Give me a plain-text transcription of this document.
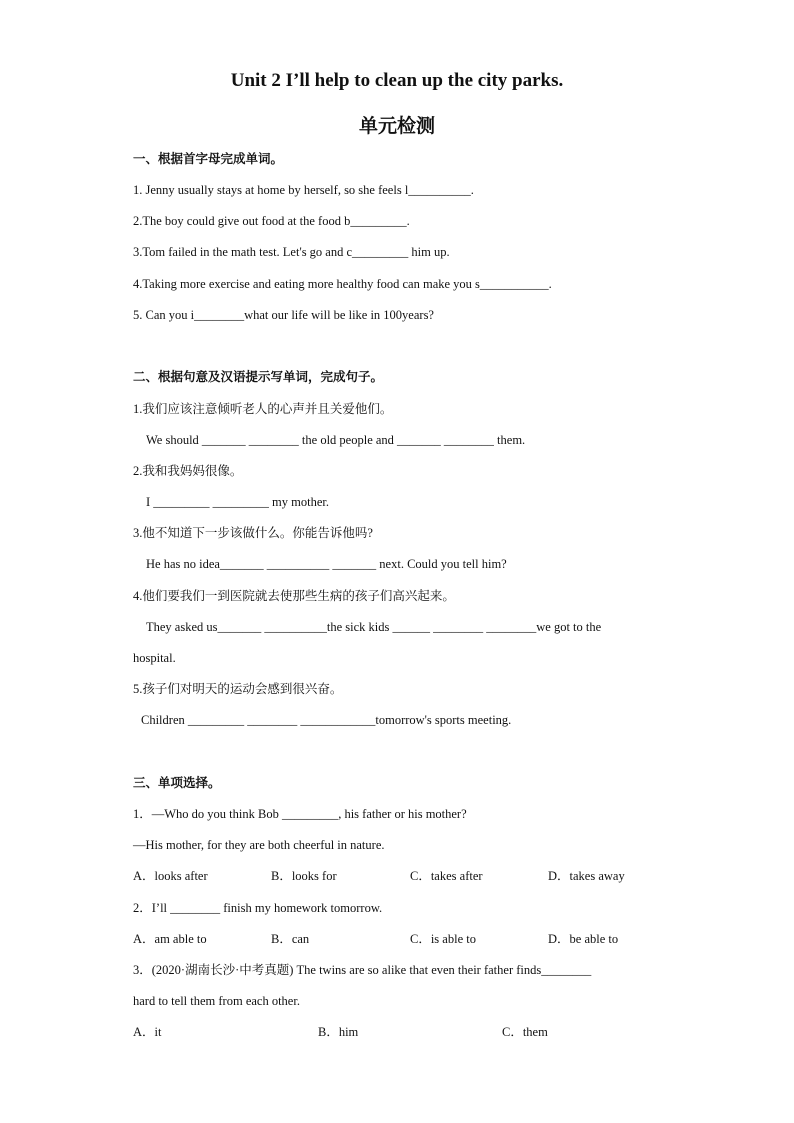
Unit 2 I’ll help to clean up the city parks.
单元检测
一、根据首字母完成单词。
1. Jenny usually stays at home by herself, so she feels l__________.
2.The boy could give out food at the food b_________.
3.Tom failed in the math test. Let's go and c_________ him up.
4.Taking more exercise and eating more healthy food can make you s___________.
5. Can you i________what our life will be like in 100years?
二、根据句意及汉语提示写单词，完成句子。
1.我们应该注意倾听老人的心声并且关爱他们。
We should _______ ________ the old people and _______ ________ them.
2.我和我妈妈很像。
I _________ _________ my mother.
3.他不知道下一步该做什么。你能告诉他吗?
He has no idea_______ __________ _______ next. Could you tell him?
4.他们要我们一到医院就去使那些生病的孩子们高兴起来。
They asked us_______ __________the sick kids ______ ________ ________we got to the
hospital.
5.孩子们对明天的运动会感到很兴奋。
Children _________ ________ ____________tomorrow's sports meeting.
三、单项选择。
1．—Who do you think Bob _________, his father or his mother?
—His mother, for they are both cheerful in nature.
A．looks after	B．looks for	C．takes after	D．takes away
2．I’ll ________ finish my homework tomorrow.
A．am able to	B．can	C．is able to	D．be able to
3．(2020·湖南长沙·中考真题) The twins are so alike that even their father finds________
hard to tell them from each other.
A．it	B．him	C．them
